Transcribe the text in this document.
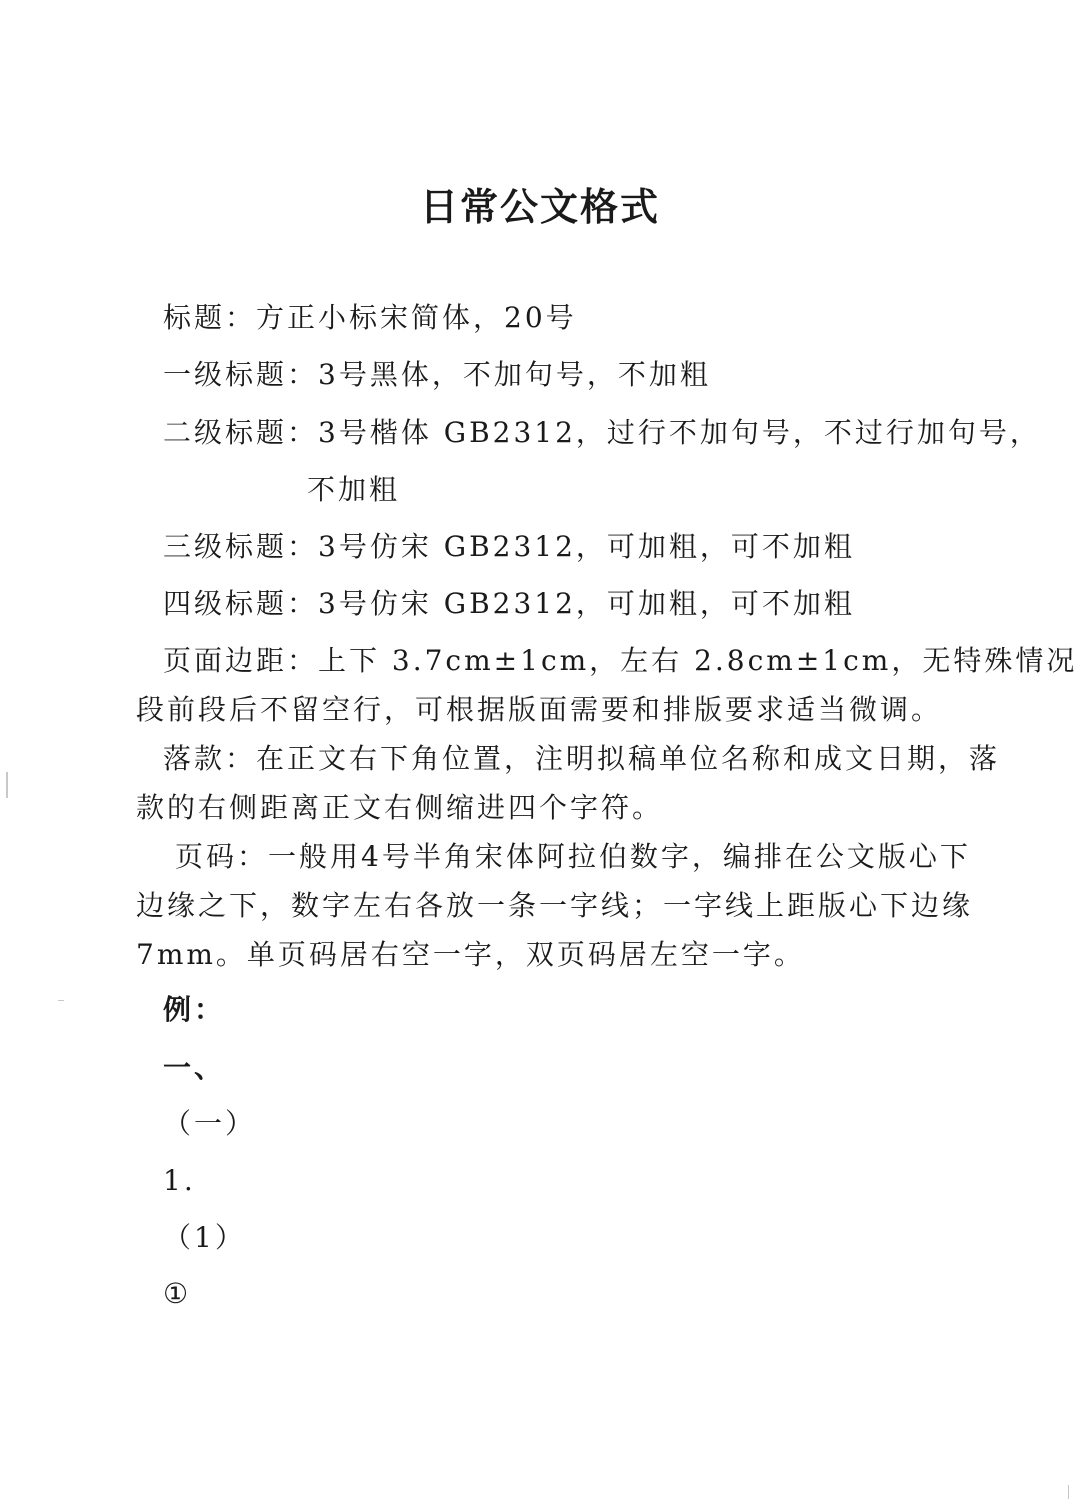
日常公文格式
标题：方正小标宋简体，20号
一级标题：3号黑体，不加句号，不加粗
二级标题：3号楷体 GB2312，过行不加句号，不过行加句号，
不加粗
三级标题：3号仿宋 GB2312，可加粗，可不加粗
四级标题：3号仿宋 GB2312，可加粗，可不加粗
页面边距：上下 3.7cm±1cm，左右 2.8cm±1cm，无特殊情况
段前段后不留空行，可根据版面需要和排版要求适当微调。
落款：在正文右下角位置，注明拟稿单位名称和成文日期，落
款的右侧距离正文右侧缩进四个字符。
页码：一般用4号半角宋体阿拉伯数字，编排在公文版心下
边缘之下，数字左右各放一条一字线；一字线上距版心下边缘
7mm。单页码居右空一字，双页码居左空一字。
例：
一、
（一）
1.
（1）
①
